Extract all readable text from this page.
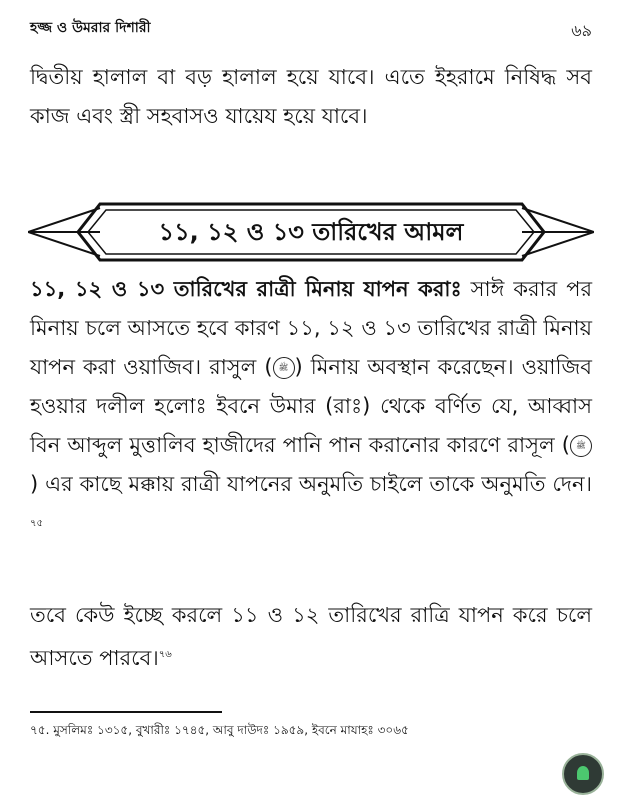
হজ্জ ও উমরার দিশারী	৬৯

দ্বিতীয় হালাল বা বড় হালাল হয়ে যাবে। এতে ইহরামে নিষিদ্ধ সব কাজ এবং স্ত্রী সহবাসও যায়েয হয়ে যাবে।

১১, ১২ ও ১৩ তারিখের আমল

১১, ১২ ও ১৩ তারিখের রাত্রী মিনায় যাপন করাঃ সাঈ করার পর মিনায় চলে আসতে হবে কারণ ১১, ১২ ও ১৩ তারিখের রাত্রী মিনায় যাপন করা ওয়াজিব। রাসুল ( ﷺ ) মিনায় অবস্থান করেছেন। ওয়াজিব হওয়ার দলীল হলোঃ ইবনে উমার (রাঃ) থেকে বর্ণিত যে, আব্বাস বিন আব্দুল মুত্তালিব হাজীদের পানি পান করানোর কারণে রাসূল ( ﷺ) এর কাছে মক্কায় রাত্রী যাপনের অনুমতি চাইলে তাকে অনুমতি দেন।$^{৭৫}$

তবে কেউ ইচ্ছে করলে ১১ ও ১২ তারিখের রাত্রি যাপন করে চলে আসতে পারবে।$^{৭৬}$

৭৫. মুসলিমঃ ১৩১৫, বুখারীঃ ১৭৪৫, আবু দাউদঃ ১৯৫৯, ইবনে মাযাহঃ ৩০৬৫
